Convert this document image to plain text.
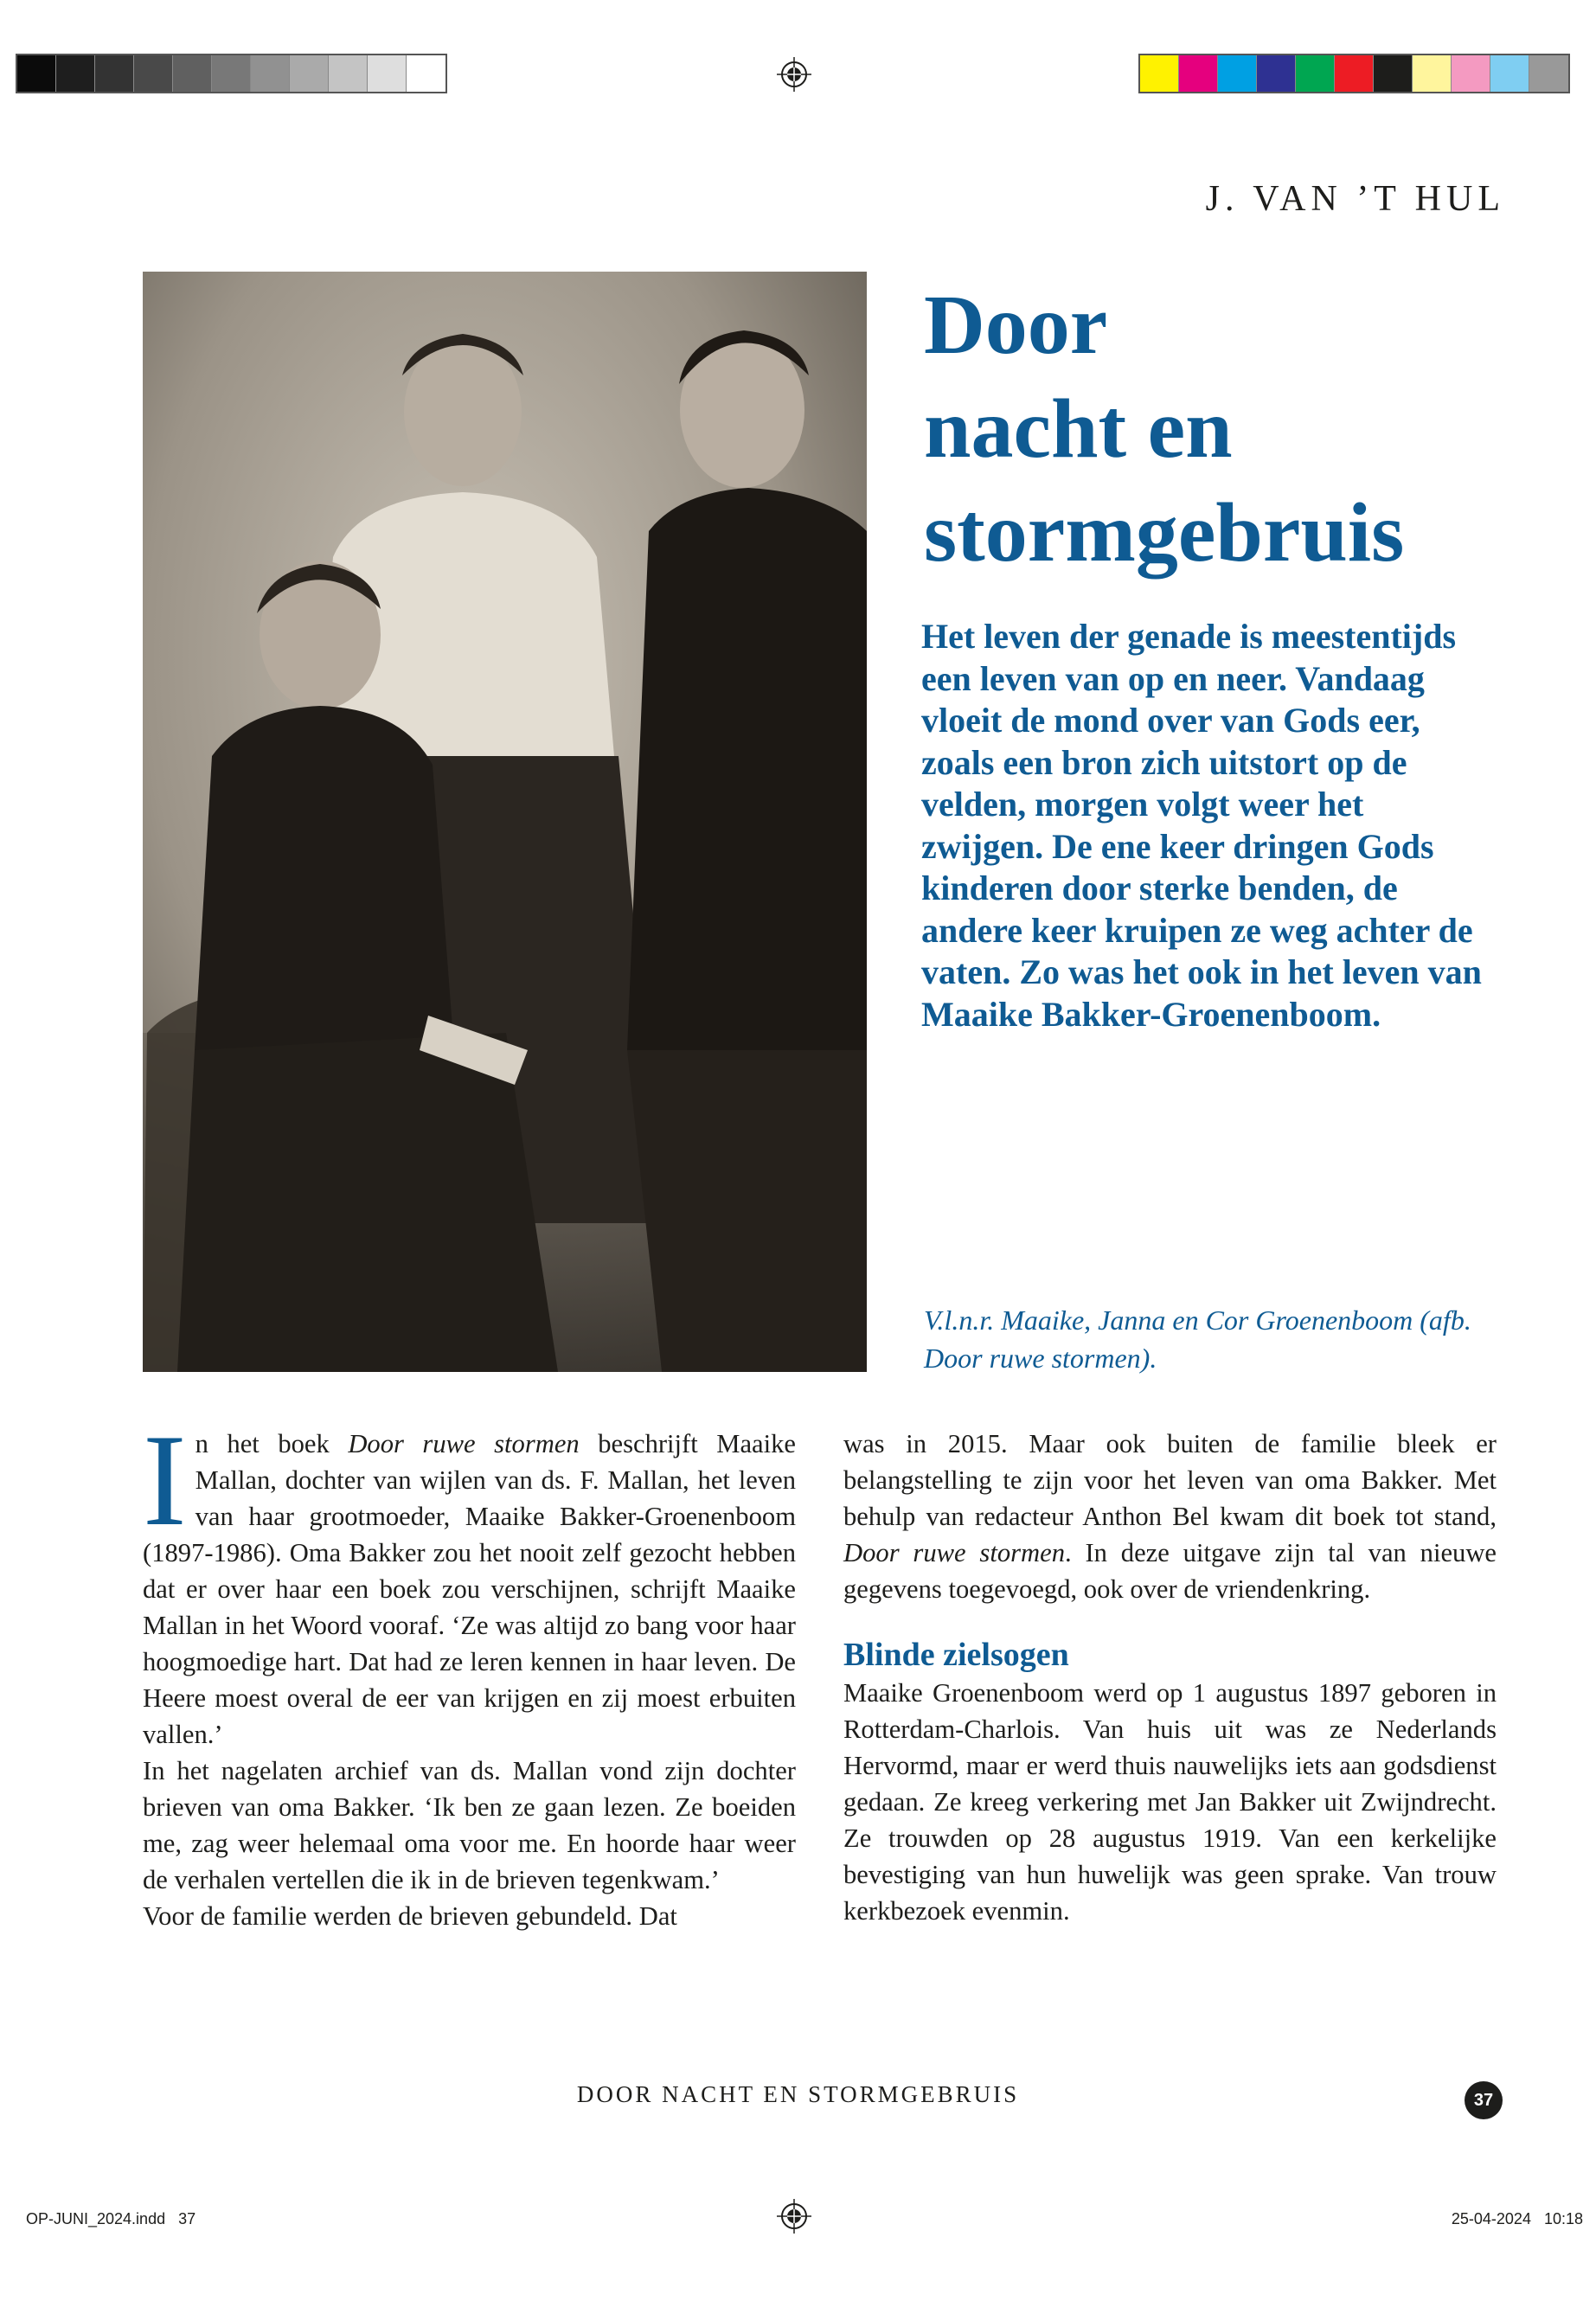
J. VAN ’T HUL
Door
nacht en
stormgebruis
Het leven der genade is meestentijds een leven van op en neer. Vandaag vloeit de mond over van Gods eer, zoals een bron zich uitstort op de velden, morgen volgt weer het zwijgen. De ene keer dringen Gods kinderen door sterke benden, de andere keer kruipen ze weg achter de vaten. Zo was het ook in het leven van Maaike Bakker-Groenenboom.
V.l.n.r. Maaike, Janna en Cor Groenenboom (afb. Door ruwe stormen).

In het boek Door ruwe stormen beschrijft Maaike Mallan, dochter van wijlen van ds. F. Mallan, het leven van haar grootmoeder, Maaike Bakker-Groenenboom (1897-1986). Oma Bakker zou het nooit zelf gezocht hebben dat er over haar een boek zou verschijnen, schrijft Maaike Mallan in het Woord vooraf. ‘Ze was altijd zo bang voor haar hoogmoedige hart. Dat had ze leren kennen in haar leven. De Heere moest overal de eer van krijgen en zij moest erbuiten vallen.’

In het nagelaten archief van ds. Mallan vond zijn dochter brieven van oma Bakker. ‘Ik ben ze gaan lezen. Ze boeiden me, zag weer helemaal oma voor me. En hoorde haar weer de verhalen vertellen die ik in de brieven tegenkwam.’

Voor de familie werden de brieven gebundeld. Dat

was in 2015. Maar ook buiten de familie bleek er belangstelling te zijn voor het leven van oma Bakker. Met behulp van redacteur Anthon Bel kwam dit boek tot stand, Door ruwe stormen. In deze uitgave zijn tal van nieuwe gegevens toegevoegd, ook over de vriendenkring.

Blinde zielsogen

Maaike Groenenboom werd op 1 augustus 1897 geboren in Rotterdam-Charlois. Van huis uit was ze Nederlands Hervormd, maar er werd thuis nauwelijks iets aan godsdienst gedaan. Ze kreeg verkering met Jan Bakker uit Zwijndrecht. Ze trouwden op 28 augustus 1919. Van een kerkelijke bevestiging van hun huwelijk was geen sprake. Van trouw kerkbezoek evenmin.

DOOR NACHT EN STORMGEBRUIS	37
OP-JUNI_2024.indd   37	25-04-2024   10:18
